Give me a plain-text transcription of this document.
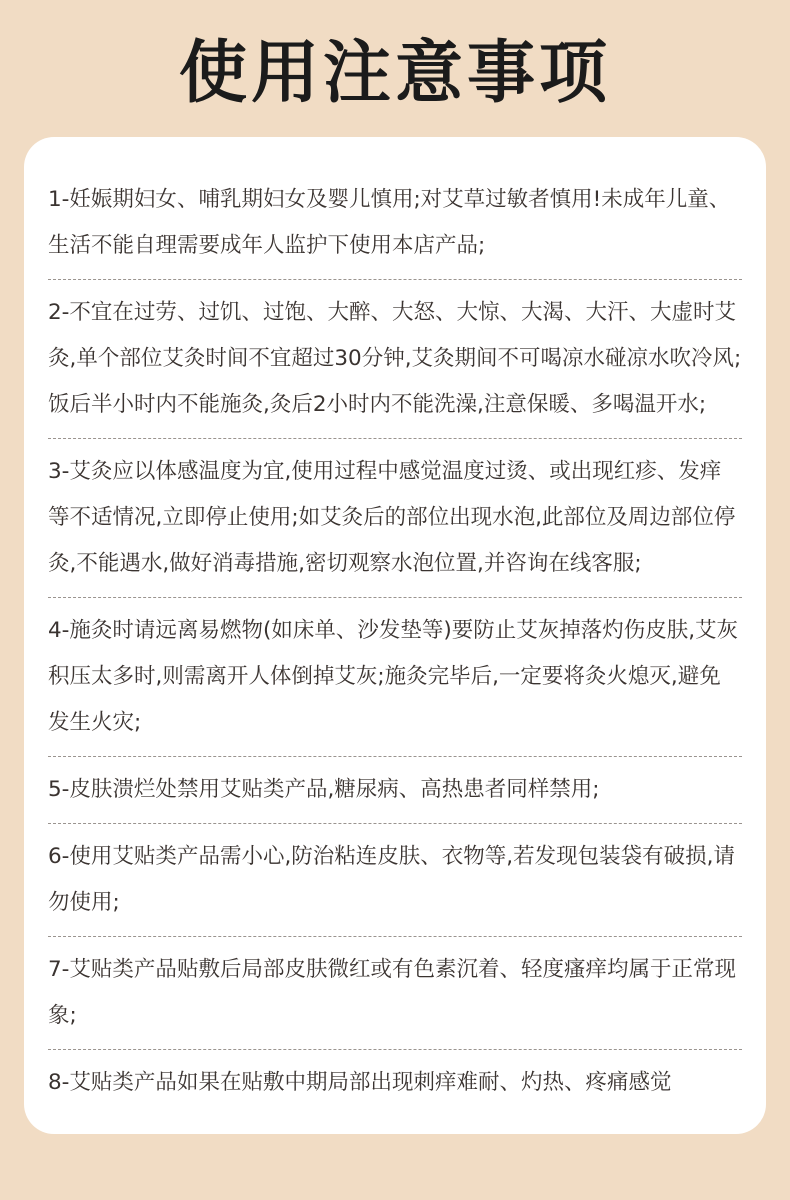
使用注意事项
1-妊娠期妇女、哺乳期妇女及婴儿慎用;对艾草过敏者慎用!未成年儿童、生活不能自理需要成年人监护下使用本店产品;
2-不宜在过劳、过饥、过饱、大醉、大怒、大惊、大渴、大汗、大虚时艾灸,单个部位艾灸时间不宜超过30分钟,艾灸期间不可喝凉水碰凉水吹冷风;饭后半小时内不能施灸,灸后2小时内不能洗澡,注意保暖、多喝温开水;
3-艾灸应以体感温度为宜,使用过程中感觉温度过烫、或出现红疹、发痒等不适情况,立即停止使用;如艾灸后的部位出现水泡,此部位及周边部位停灸,不能遇水,做好消毒措施,密切观察水泡位置,并咨询在线客服;
4-施灸时请远离易燃物(如床单、沙发垫等)要防止艾灰掉落灼伤皮肤,艾灰积压太多时,则需离开人体倒掉艾灰;施灸完毕后,一定要将灸火熄灭,避免发生火灾;
5-皮肤溃烂处禁用艾贴类产品,糖尿病、高热患者同样禁用;
6-使用艾贴类产品需小心,防治粘连皮肤、衣物等,若发现包装袋有破损,请勿使用;
7-艾贴类产品贴敷后局部皮肤微红或有色素沉着、轻度瘙痒均属于正常现象;
8-艾贴类产品如果在贴敷中期局部出现刺痒难耐、灼热、疼痛感觉
